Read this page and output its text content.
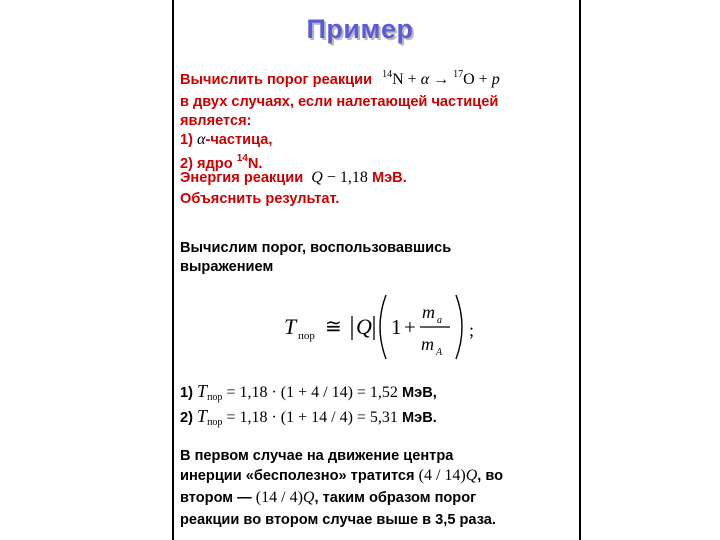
Пример
Вычислить порог реакции $^{14}$N + α → $^{17}$O + p
в двух случаях, если налетающей частицей
является:
1) α-частица,
2) ядро $^{14}$N.
Энергия реакции Q − 1,18 МэВ.
Объяснить результат.
Вычислим порог, воспользовавшись
выражением
T пор ≅ Q 1 +
m a
m A
;
1) $T_{пор} = 1,18 \cdot (1 + 4 / 14) = 1,52$ МэВ,
2) $T_{пор} = 1,18 \cdot (1 + 14 / 4) = 5,31$ МэВ.
В первом случае на движение центра
инерции «бесполезно» тратится (4 / 14)Q, во
втором — (14 / 4)Q, таким образом порог
реакции во втором случае выше в 3,5 раза.
